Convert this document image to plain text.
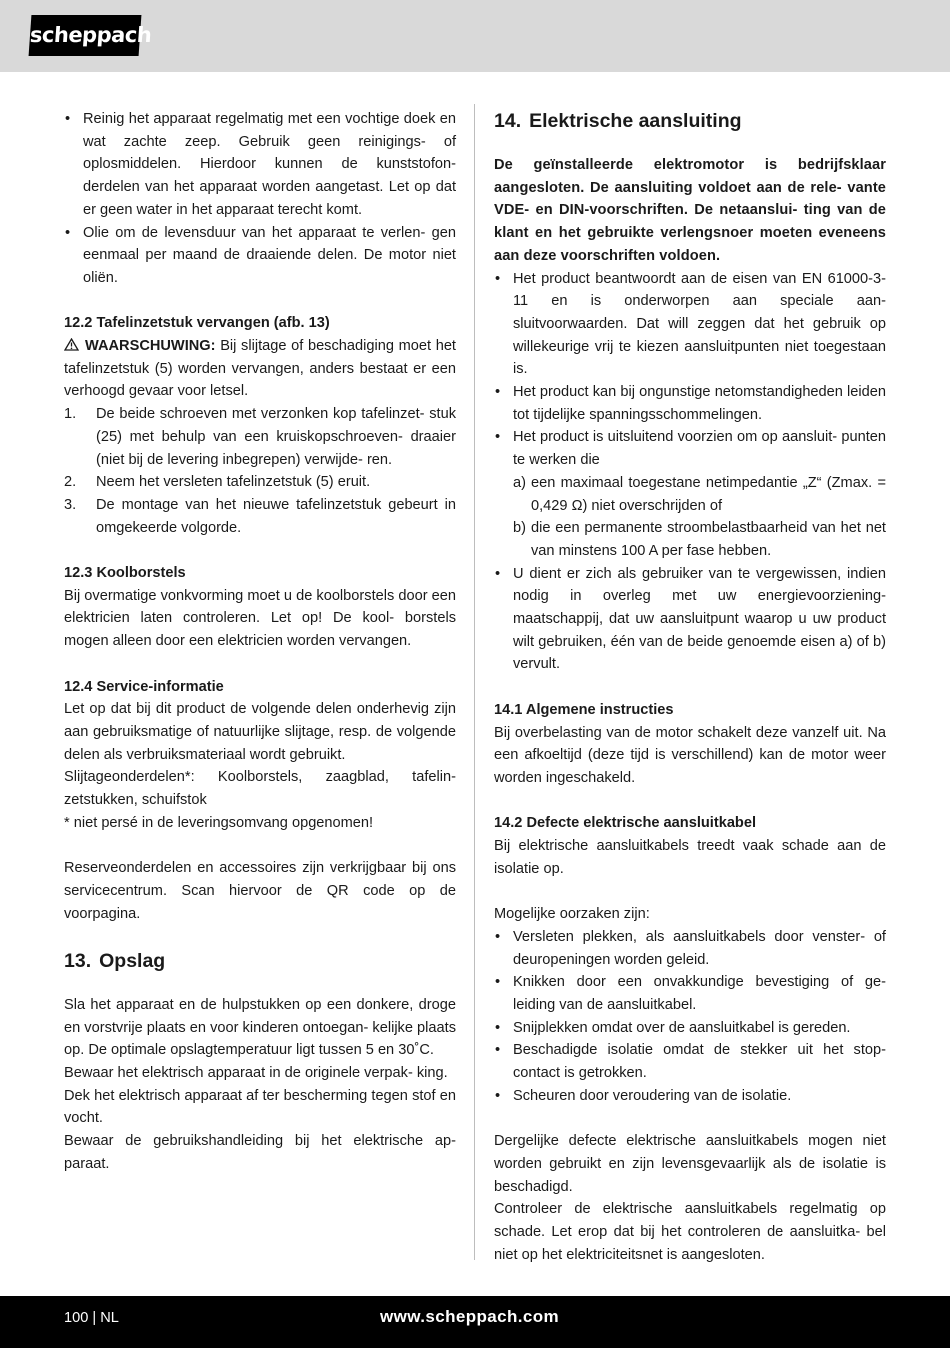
scheppach
• Reinig het apparaat regelmatig met een vochtige doek en wat zachte zeep. Gebruik geen reinigings- of oplosmiddelen. Hierdoor kunnen de kunststofon- derdelen van het apparaat worden aangetast. Let op dat er geen water in het apparaat terecht komt.
• Olie om de levensduur van het apparaat te verlen- gen eenmaal per maand de draaiende delen. De motor niet oliën.
12.2 Tafelinzetstuk vervangen (afb. 13)
WAARSCHUWING: Bij slijtage of beschadiging moet het tafelinzetstuk (5) worden vervangen, anders bestaat er een verhoogd gevaar voor letsel.
1. De beide schroeven met verzonken kop tafelinzet- stuk (25) met behulp van een kruiskopschroeven- draaier (niet bij de levering inbegrepen) verwijde- ren.
2. Neem het versleten tafelinzetstuk (5) eruit.
3. De montage van het nieuwe tafelinzetstuk gebeurt in omgekeerde volgorde.
12.3 Koolborstels
Bij overmatige vonkvorming moet u de koolborstels door een elektricien laten controleren. Let op! De kool- borstels mogen alleen door een elektricien worden vervangen.
12.4 Service-informatie
Let op dat bij dit product de volgende delen onderhevig zijn aan gebruiksmatige of natuurlijke slijtage, resp. de volgende delen als verbruiksmateriaal wordt gebruikt.
Slijtageonderdelen*: Koolborstels, zaagblad, tafelin- zetstukken, schuifstok
* niet persé in de leveringsomvang opgenomen!
Reserveonderdelen en accessoires zijn verkrijgbaar bij ons servicecentrum. Scan hiervoor de QR code op de voorpagina.
13. Opslag
Sla het apparaat en de hulpstukken op een donkere, droge en vorstvrije plaats en voor kinderen ontoegan- kelijke plaats op. De optimale opslagtemperatuur ligt tussen 5 en 30˚C.
Bewaar het elektrisch apparaat in de originele verpak- king.
Dek het elektrisch apparaat af ter bescherming tegen stof en vocht.
Bewaar de gebruikshandleiding bij het elektrische ap- paraat.
14. Elektrische aansluiting
De geïnstalleerde elektromotor is bedrijfsklaar aangesloten. De aansluiting voldoet aan de rele- vante VDE- en DIN-voorschriften. De netaanslui- ting van de klant en het gebruikte verlengsnoer moeten eveneens aan deze voorschriften voldoen.
• Het product beantwoordt aan de eisen van EN 61000-3-11 en is onderworpen aan speciale aan- sluitvoorwaarden. Dat will zeggen dat het gebruik op willekeurige vrij te kiezen aansluitpunten niet toegestaan is.
• Het product kan bij ongunstige netomstandigheden leiden tot tijdelijke spanningsschommelingen.
• Het product is uitsluitend voorzien om op aansluit- punten te werken die
a) een maximaal toegestane netimpedantie „Z“ (Zmax. = 0,429 Ω) niet overschrijden of
b) die een permanente stroombelastbaarheid van het net van minstens 100 A per fase hebben.
• U dient er zich als gebruiker van te vergewissen, indien nodig in overleg met uw energievoorziening- maatschappij, dat uw aansluitpunt waarop u uw product wilt gebruiken, één van de beide genoemde eisen a) of b) vervult.
14.1 Algemene instructies
Bij overbelasting van de motor schakelt deze vanzelf uit. Na een afkoeltijd (deze tijd is verschillend) kan de motor weer worden ingeschakeld.
14.2 Defecte elektrische aansluitkabel
Bij elektrische aansluitkabels treedt vaak schade aan de isolatie op.
Mogelijke oorzaken zijn:
• Versleten plekken, als aansluitkabels door venster- of deuropeningen worden geleid.
• Knikken door een onvakkundige bevestiging of ge- leiding van de aansluitkabel.
• Snijplekken omdat over de aansluitkabel is gereden.
• Beschadigde isolatie omdat de stekker uit het stop- contact is getrokken.
• Scheuren door veroudering van de isolatie.
Dergelijke defecte elektrische aansluitkabels mogen niet worden gebruikt en zijn levensgevaarlijk als de isolatie is beschadigd.
Controleer de elektrische aansluitkabels regelmatig op schade. Let erop dat bij het controleren de aansluitka- bel niet op het elektriciteitsnet is aangesloten.
100 | NL	www.scheppach.com
